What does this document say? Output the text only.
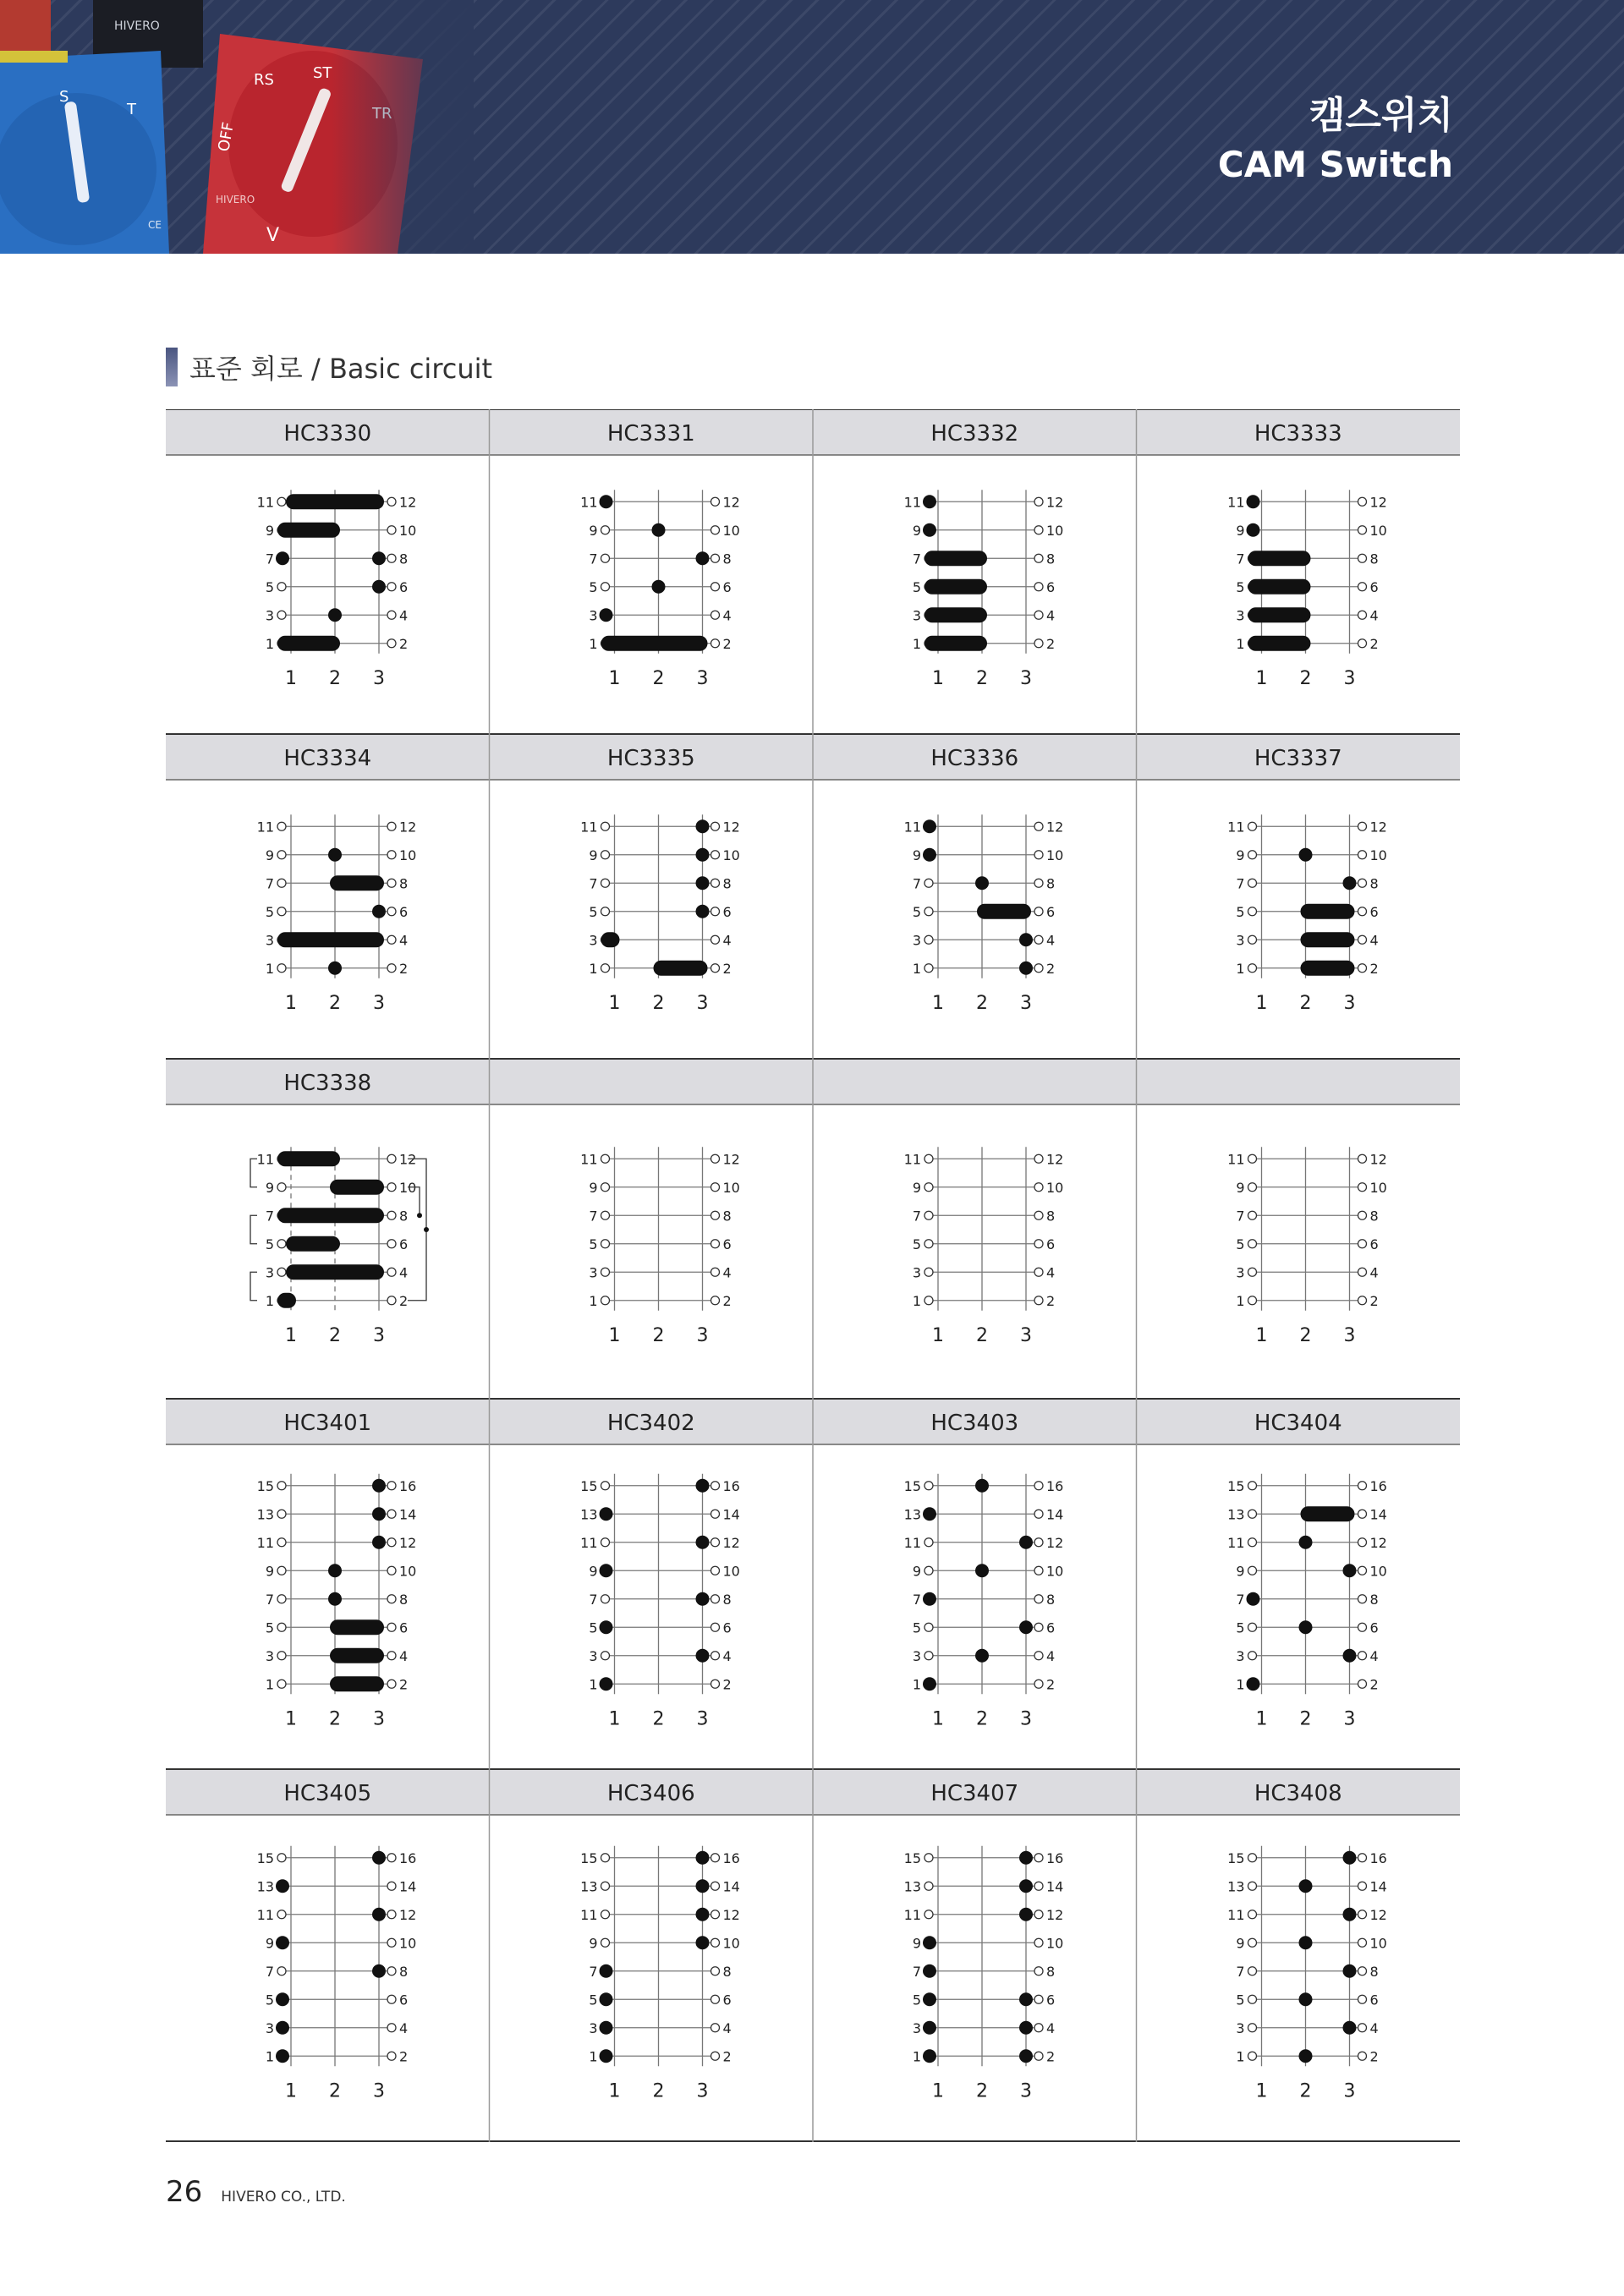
캠스위치
CAM Switch
표준 회로 / Basic circuit
HC3330
1 2 3
11	12
9	10
7	8
5	6
3	4
1	2
HC3331
1 2 3
11	12
9	10
7	8
5	6
3	4
1	2
HC3332
1 2 3
11	12
9	10
7	8
5	6
3	4
1	2
HC3333
1 2 3
11	12
9	10
7	8
5	6
3	4
1	2
HC3334
1 2 3
11	12
9	10
7	8
5	6
3	4
1	2
HC3335
1 2 3
11	12
9	10
7	8
5	6
3	4
1	2
HC3336
1 2 3
11	12
9	10
7	8
5	6
3	4
1	2
HC3337
1 2 3
11	12
9	10
7	8
5	6
3	4
1	2
HC3338
1 2 3
11	12
9	10
7	8
5	6
3	4
1	2
1 2 3
11	12
9	10
7	8
5	6
3	4
1	2
1 2 3
11	12
9	10
7	8
5	6
3	4
1	2
1 2 3
11	12
9	10
7	8
5	6
3	4
1	2
HC3401
1 2 3
15	16
13	14
11	12
9	10
7	8
5	6
3	4
1	2
HC3402
1 2 3
15	16
13	14
11	12
9	10
7	8
5	6
3	4
1	2
HC3403
1 2 3
15	16
13	14
11	12
9	10
7	8
5	6
3	4
1	2
HC3404
1 2 3
15	16
13	14
11	12
9	10
7	8
5	6
3	4
1	2
HC3405
1 2 3
15	16
13	14
11	12
9	10
7	8
5	6
3	4
1	2
HC3406
1 2 3
15	16
13	14
11	12
9	10
7	8
5	6
3	4
1	2
HC3407
1 2 3
15	16
13	14
11	12
9	10
7	8
5	6
3	4
1	2
HC3408
1 2 3
15	16
13	14
11	12
9	10
7	8
5	6
3	4
1	2
26 HIVERO CO., LTD.
